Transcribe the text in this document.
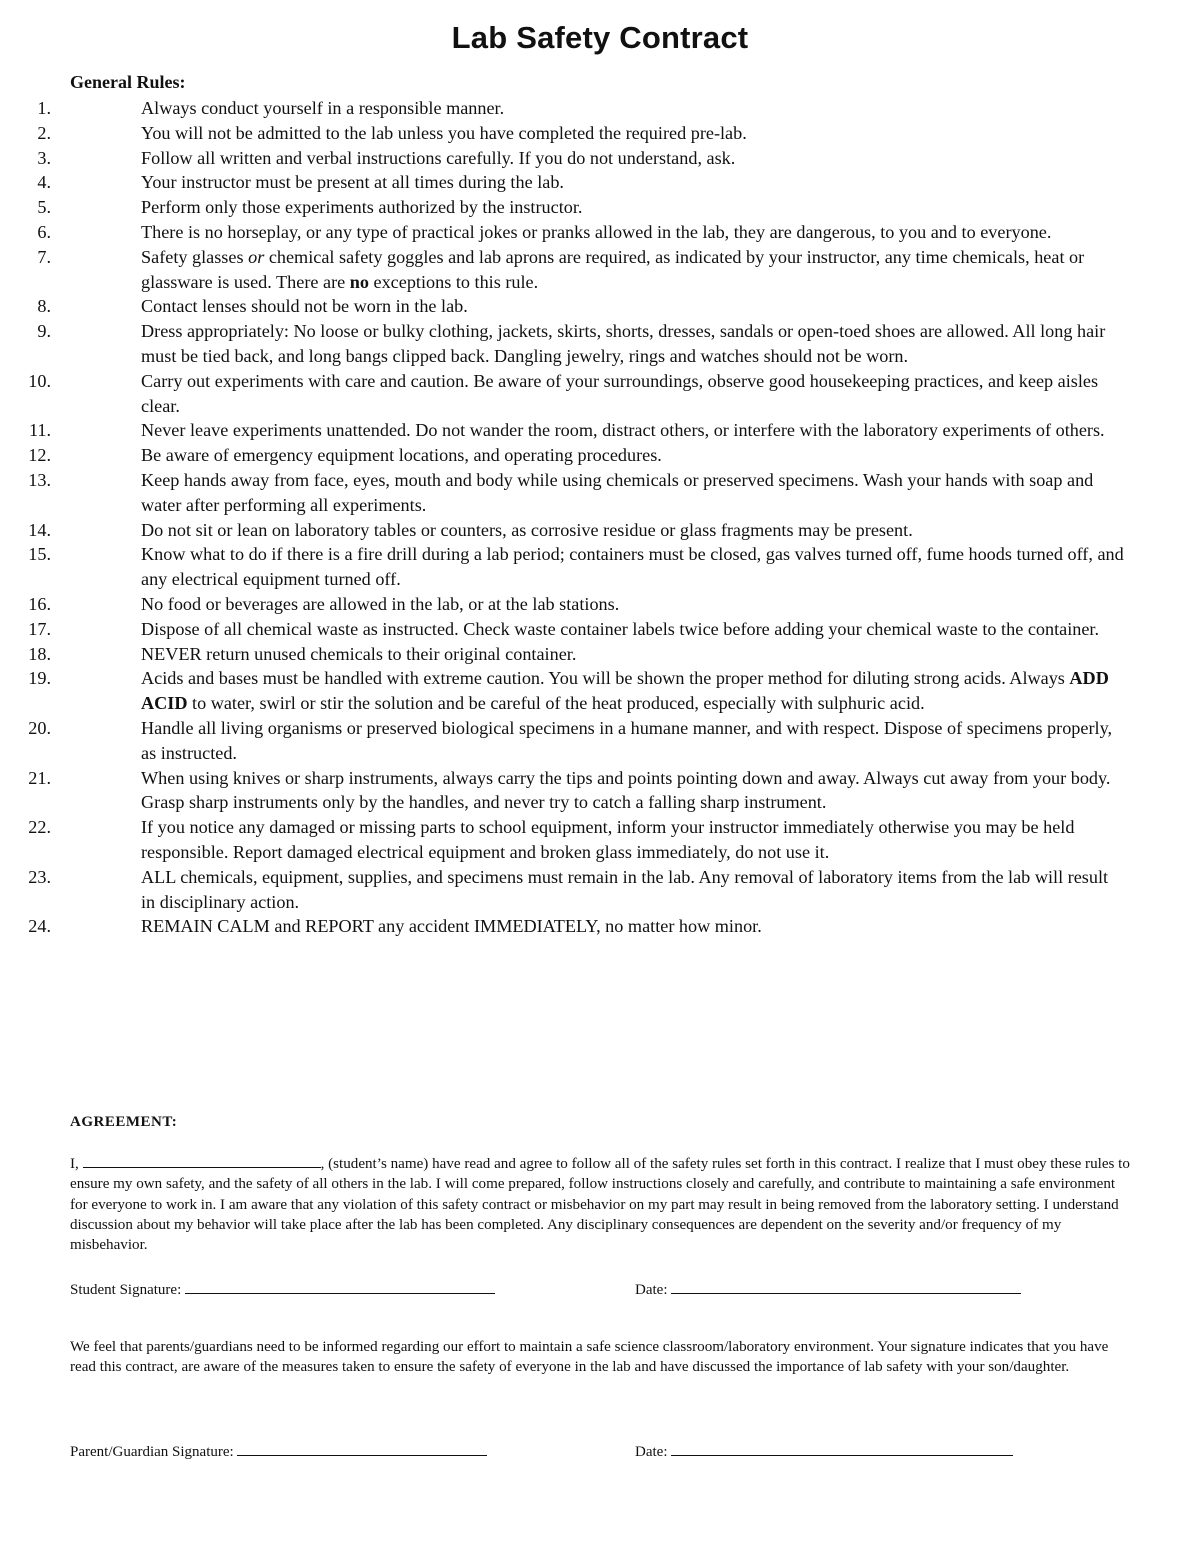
Lab Safety Contract
General Rules:
1.	Always conduct yourself in a responsible manner.
2.	You will not be admitted to the lab unless you have completed the required pre-lab.
3.	Follow all written and verbal instructions carefully. If you do not understand, ask.
4.	Your instructor must be present at all times during the lab.
5.	Perform only those experiments authorized by the instructor.
6.	There is no horseplay, or any type of practical jokes or pranks allowed in the lab, they are dangerous, to you and to everyone.
7.	Safety glasses or chemical safety goggles and lab aprons are required, as indicated by your instructor, any time chemicals, heat or glassware is used. There are no exceptions to this rule.
8.	Contact lenses should not be worn in the lab.
9.	Dress appropriately: No loose or bulky clothing, jackets, skirts, shorts, dresses, sandals or open-toed shoes are allowed. All long hair must be tied back, and long bangs clipped back. Dangling jewelry, rings and watches should not be worn.
10.	Carry out experiments with care and caution. Be aware of your surroundings, observe good housekeeping practices, and keep aisles clear.
11.	Never leave experiments unattended. Do not wander the room, distract others, or interfere with the laboratory experiments of others.
12.	Be aware of emergency equipment locations, and operating procedures.
13.	Keep hands away from face, eyes, mouth and body while using chemicals or preserved specimens. Wash your hands with soap and water after performing all experiments.
14.	Do not sit or lean on laboratory tables or counters, as corrosive residue or glass fragments may be present.
15.	Know what to do if there is a fire drill during a lab period; containers must be closed, gas valves turned off, fume hoods turned off, and any electrical equipment turned off.
16.	No food or beverages are allowed in the lab, or at the lab stations.
17.	Dispose of all chemical waste as instructed. Check waste container labels twice before adding your chemical waste to the container.
18.	NEVER return unused chemicals to their original container.
19.	Acids and bases must be handled with extreme caution. You will be shown the proper method for diluting strong acids. Always ADD ACID to water, swirl or stir the solution and be careful of the heat produced, especially with sulphuric acid.
20.	Handle all living organisms or preserved biological specimens in a humane manner, and with respect. Dispose of specimens properly, as instructed.
21.	When using knives or sharp instruments, always carry the tips and points pointing down and away. Always cut away from your body. Grasp sharp instruments only by the handles, and never try to catch a falling sharp instrument.
22.	If you notice any damaged or missing parts to school equipment, inform your instructor immediately otherwise you may be held responsible. Report damaged electrical equipment and broken glass immediately, do not use it.
23.	ALL chemicals, equipment, supplies, and specimens must remain in the lab. Any removal of laboratory items from the lab will result in disciplinary action.
24.	REMAIN CALM and REPORT any accident IMMEDIATELY, no matter how minor.
AGREEMENT:
I,	, (student’s name) have read and agree to follow all of the safety rules set forth in this contract. I realize that I must obey these rules to ensure my own safety, and the safety of all others in the lab. I will come prepared, follow instructions closely and carefully, and contribute to maintaining a safe environment for everyone to work in. I am aware that any violation of this safety contract or misbehavior on my part may result in being removed from the laboratory setting. I understand discussion about my behavior will take place after the lab has been completed. Any disciplinary consequences are dependent on the severity and/or frequency of my misbehavior.
Student Signature:	Date:
We feel that parents/guardians need to be informed regarding our effort to maintain a safe science classroom/laboratory environment. Your signature indicates that you have read this contract, are aware of the measures taken to ensure the safety of everyone in the lab and have discussed the importance of lab safety with your son/daughter.
Parent/Guardian Signature:	Date:
